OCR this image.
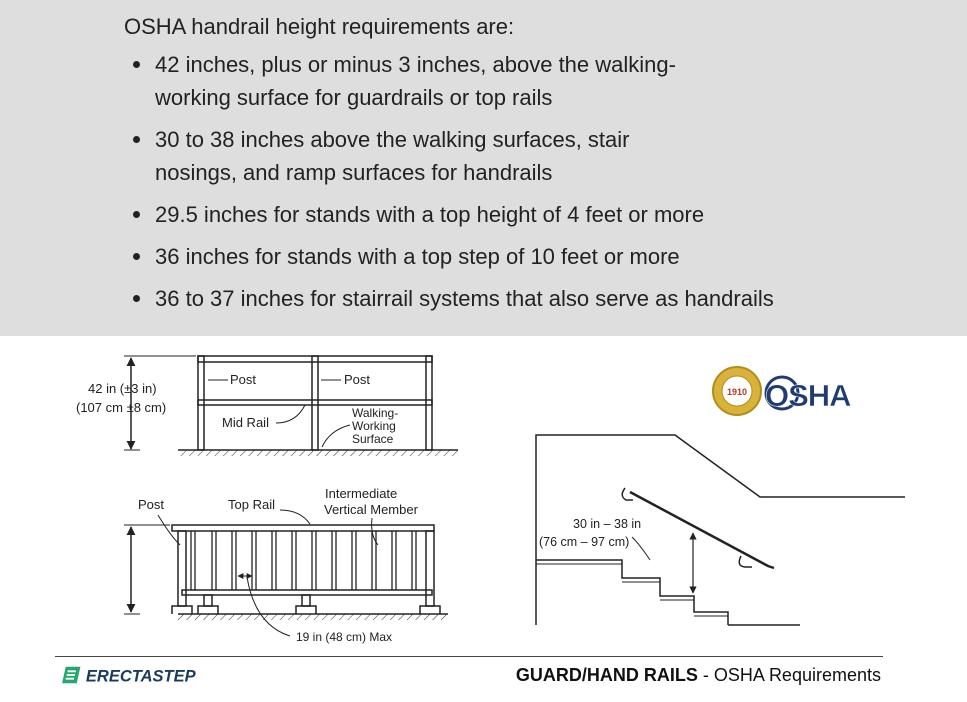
OSHA handrail height requirements are:

42 inches, plus or minus 3 inches, above the walking-
working surface for guardrails or top rails
30 to 38 inches above the walking surfaces, stair
nosings, and ramp surfaces for handrails
29.5 inches for stands with a top height of 4 feet or more
36 inches for stands with a top step of 10 feet or more
36 to 37 inches for stairrail systems that also serve as handrails
42 in (±3 in)
(107 cm ±8 cm)
Post	Post
Mid Rail
Walking-
Working
Surface
Post	Top Rail
Intermediate
Vertical Member
19 in (48 cm) Max
30 in – 38 in
(76 cm – 97 cm)
1910 OSHA
ERECTASTEP	GUARD/HAND RAILS - OSHA Requirements
